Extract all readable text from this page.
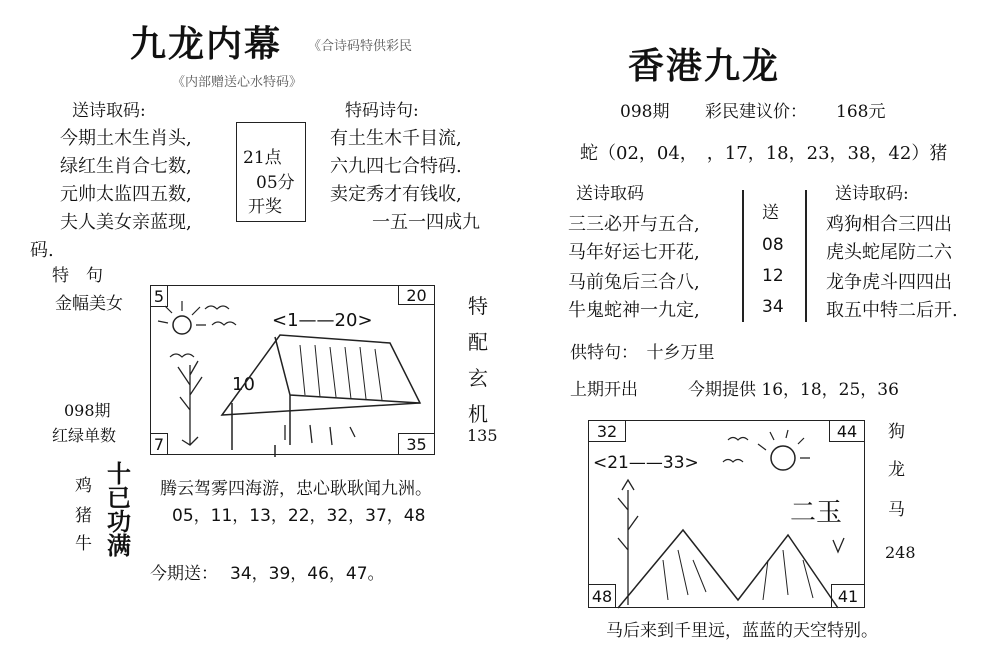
九龙内幕 《合诗码特供彩民
《内部赠送心水特码》
送诗取码:	特码诗句:
今期土木生肖头,
绿红生肖合七数,
元帅太监四五数,
夫人美女亲蓝现,
有土生木千目流,
六九四七合特码.
卖定秀才有钱收,
一五一四成九
码.
21点
05分
开奖
特　句
金幅美女
098期
红绿单数
5	20
7	35
<1——20>
10
特配玄机
135
鸡
猪
牛
十已功满
腾云驾雾四海游，忠心耿耿闻九洲。
05，11，13，22，32，37，48
今期送： 34，39，46，47。
香港九龙
098期 彩民建议价： 168元
蛇（02，04，　，17，18，23，38，42）猪
送诗取码	送诗取码:
三三必开与五合,
马年好运七开花,
马前兔后三合八,
牛鬼蛇神一九定,
送
08
12
34
鸡狗相合三四出
虎头蛇尾防二六
龙争虎斗四四出
取五中特二后开.
供特句：　十乡万里
上期开出	今期提供 16，18，25，36
32	44
48	41
<21——33>
二玉
狗
龙
马
248
马后来到千里远，蓝蓝的天空特别。
